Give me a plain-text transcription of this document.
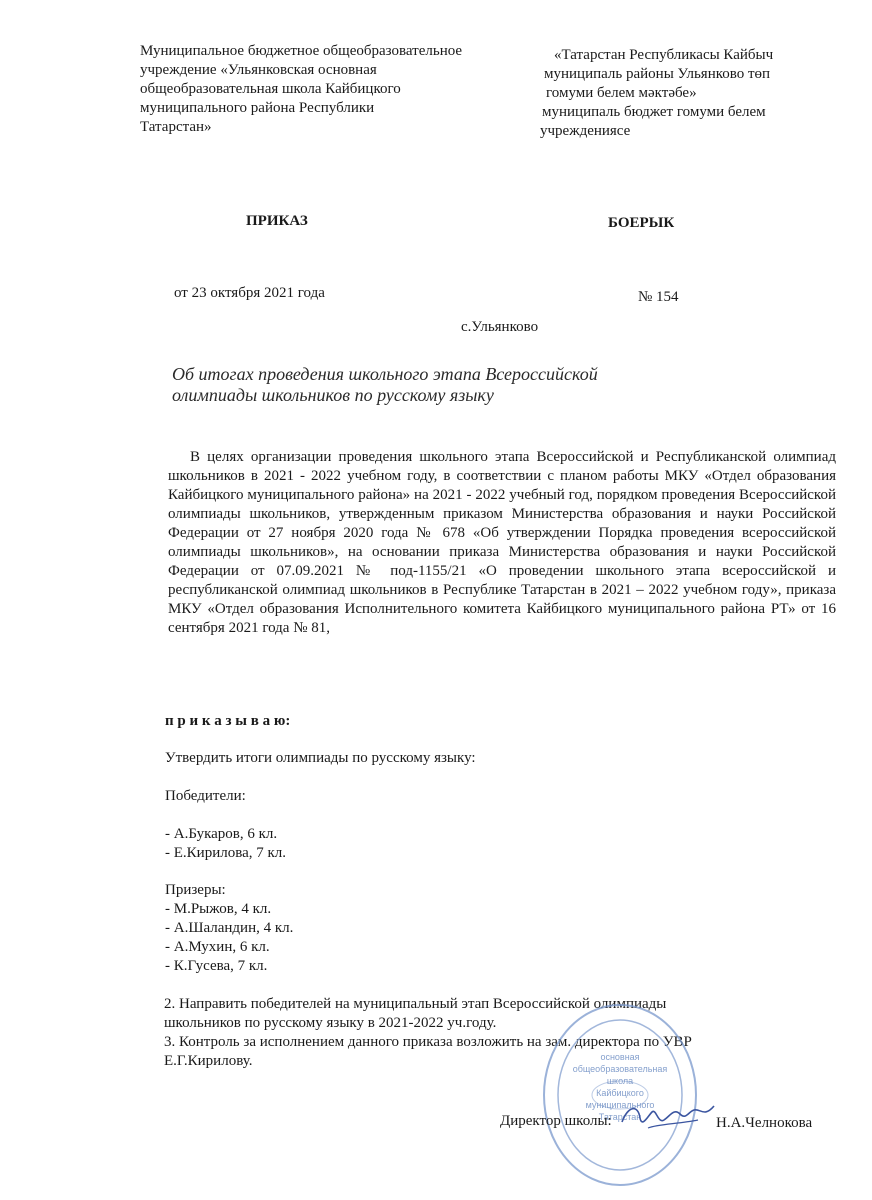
Муниципальное бюджетное общеобразовательное
учреждение «Ульянковская основная
общеобразовательная школа Кайбицкого
муниципального района Республики
Татарстан»
«Татарстан Республикасы Кайбыч
муниципаль районы Ульянково төп
гомуми белем мәктәбе»
муниципаль бюджет гомуми белем
учреждениясе
ПРИКАЗ	БОЕРЫК
от 23 октября 2021 года	№ 154
с.Ульянково
Об итогах проведения школьного этапа Всероссийской
олимпиады школьников по русскому языку
В целях организации проведения школьного этапа Всероссийской и Республиканской олимпиад школьников в 2021 - 2022 учебном году, в соответствии с планом работы МКУ «Отдел образования Кайбицкого муниципального района» на 2021 - 2022 учебный год, порядком проведения Всероссийской олимпиады школьников, утвержденным приказом Министерства образования и науки Российской Федерации от 27 ноября 2020 года № 678 «Об утверждении Порядка проведения всероссийской олимпиады школьников», на основании приказа Министерства образования и науки Российской Федерации от 07.09.2021 № под-1155/21 «О проведении школьного этапа всероссийской и республиканской олимпиад школьников в Республике Татарстан в 2021 – 2022 учебном году», приказа МКУ «Отдел образования Исполнительного комитета Кайбицкого муниципального района РТ» от 16 сентября 2021 года № 81,
п р и к а з ы в а ю:
Утвердить итоги олимпиады по русскому языку:
Победители:
- А.Букаров, 6 кл.
- Е.Кирилова, 7 кл.
Призеры:
- М.Рыжов, 4 кл.
- А.Шаландин, 4 кл.
- А.Мухин, 6 кл.
- К.Гусева, 7 кл.
2. Направить победителей на муниципальный этап Всероссийской олимпиады
школьников по русскому языку в 2021-2022 уч.году.
3. Контроль за исполнением данного приказа возложить на зам. директора по УВР
Е.Г.Кирилову.	основная
общеобразовательная
школа
Кайбицкого
муниципального
Татарстан
Директор школы:	Н.А.Челнокова
